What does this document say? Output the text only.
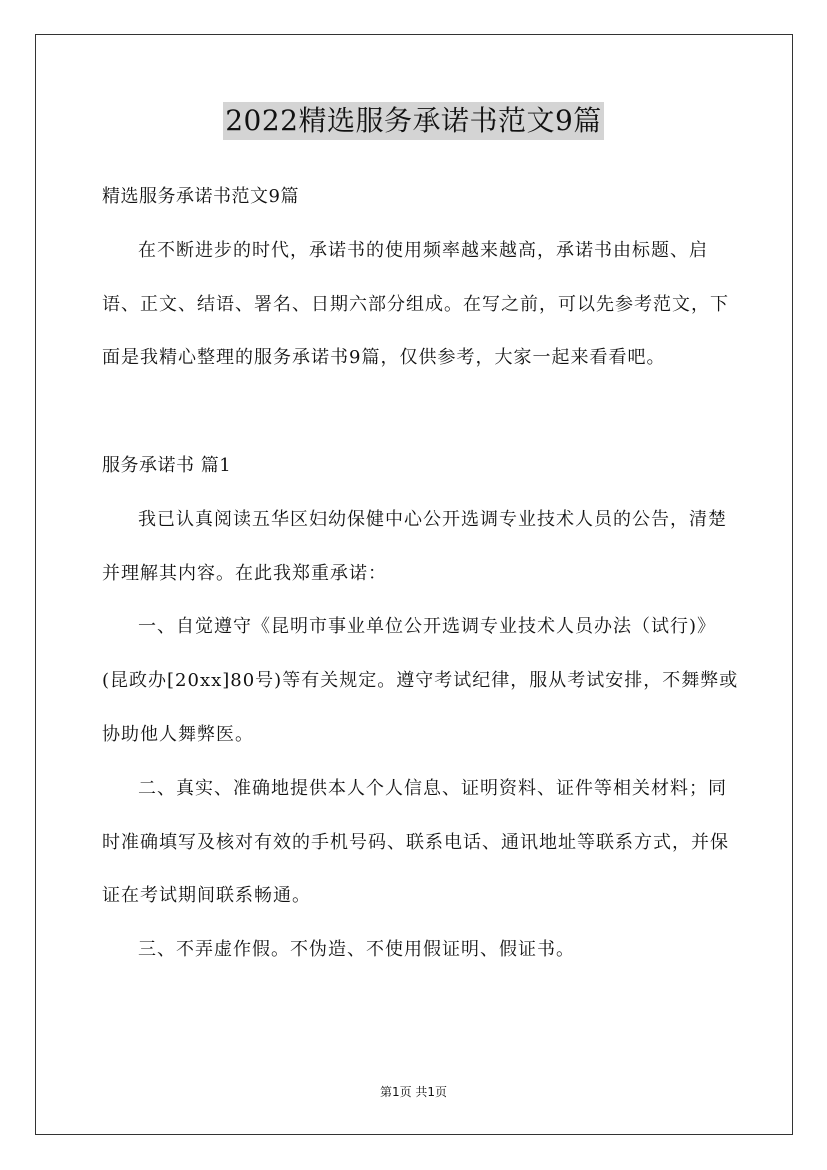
2022精选服务承诺书范文9篇

精选服务承诺书范文9篇

在不断进步的时代，承诺书的使用频率越来越高，承诺书由标题、启语、正文、结语、署名、日期六部分组成。在写之前，可以先参考范文，下面是我精心整理的服务承诺书9篇，仅供参考，大家一起来看看吧。

服务承诺书 篇1

我已认真阅读五华区妇幼保健中心公开选调专业技术人员的公告，清楚并理解其内容。在此我郑重承诺：

一、自觉遵守《昆明市事业单位公开选调专业技术人员办法（试行)》(昆政办[20xx]80号)等有关规定。遵守考试纪律，服从考试安排，不舞弊或协助他人舞弊医。

二、真实、准确地提供本人个人信息、证明资料、证件等相关材料；同时准确填写及核对有效的手机号码、联系电话、通讯地址等联系方式，并保证在考试期间联系畅通。

三、不弄虚作假。不伪造、不使用假证明、假证书。

第1页 共1页
